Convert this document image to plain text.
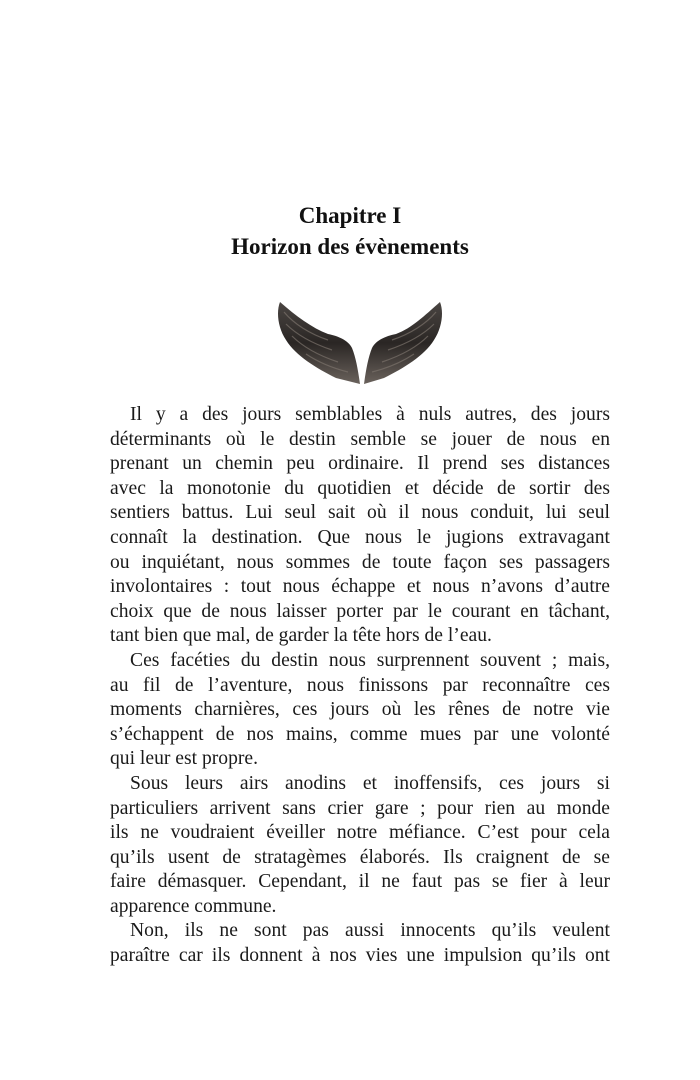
Chapitre I
Horizon des évènements
Il y a des jours semblables à nuls autres, des jours
déterminants où le destin semble se jouer de nous en
prenant un chemin peu ordinaire. Il prend ses distances
avec la monotonie du quotidien et décide de sortir des
sentiers battus. Lui seul sait où il nous conduit, lui seul
connaît la destination. Que nous le jugions extravagant
ou inquiétant, nous sommes de toute façon ses passagers
involontaires : tout nous échappe et nous n’avons d’autre
choix que de nous laisser porter par le courant en tâchant,
tant bien que mal, de garder la tête hors de l’eau.
Ces facéties du destin nous surprennent souvent ; mais,
au fil de l’aventure, nous finissons par reconnaître ces
moments charnières, ces jours où les rênes de notre vie
s’échappent de nos mains, comme mues par une volonté
qui leur est propre.
Sous leurs airs anodins et inoffensifs, ces jours si
particuliers arrivent sans crier gare ; pour rien au monde
ils ne voudraient éveiller notre méfiance. C’est pour cela
qu’ils usent de stratagèmes élaborés. Ils craignent de se
faire démasquer. Cependant, il ne faut pas se fier à leur
apparence commune.
Non, ils ne sont pas aussi innocents qu’ils veulent
paraître car ils donnent à nos vies une impulsion qu’ils ont
